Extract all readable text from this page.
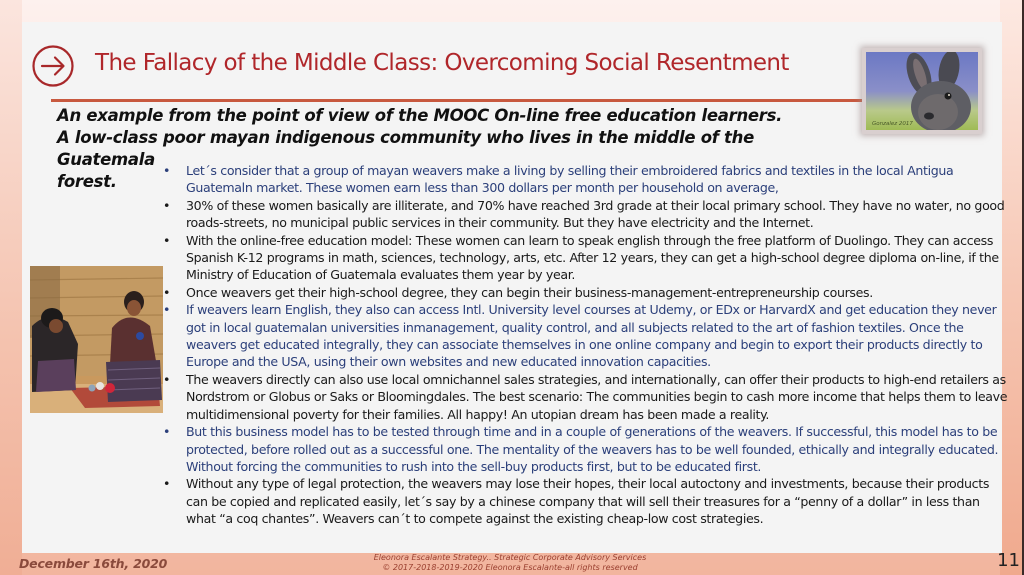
The Fallacy of the Middle Class: Overcoming Social Resentment
Gonzalez 2017
An example from the point of view of the MOOC On-line free education learners.
A low-class poor mayan indigenous community who lives in the middle of the Guatemala
forest.
• Let´s consider that a group of mayan weavers make a living by selling their embroidered fabrics and textiles in the local Antigua Guatemaln market. These women earn less than 300 dollars per month per household on average,
• 30% of these women basically are illiterate, and 70% have reached 3rd grade at their local primary school. They have no water, no good roads-streets, no municipal public services in their community. But they have electricity and the Internet.
• With the online-free education model: These women can learn to speak english through the free platform of Duolingo. They can access Spanish K-12 programs in math, sciences, technology, arts, etc. After 12 years, they can get a high-school degree diploma on-line, if the Ministry of Education of Guatemala evaluates them year by year.
• Once weavers get their high-school degree, they can begin their business-management-entrepreneurship courses.
• If weavers learn English, they also can access Intl. University level courses at Udemy, or EDx or HarvardX and get education they never got in local guatemalan universities inmanagement, quality control, and all subjects related to the art of fashion textiles. Once the weavers get educated integrally, they can associate themselves in one online company and begin to export their products directly to Europe and the USA, using their own websites and new educated innovation capacities.
• The weavers directly can also use local omnichannel sales strategies, and internationally, can offer their products to high-end retailers as Nordstrom or Globus or Saks or Bloomingdales. The best scenario: The communities begin to cash more income that helps them to leave multidimensional poverty for their families. All happy! An utopian dream has been made a reality.
• But this business model has to be tested through time and in a couple of generations of the weavers. If successful, this model has to be protected, before rolled out as a successful one. The mentality of the weavers has to be well founded, ethically and integrally educated. Without forcing the communities to rush into the sell-buy products first, but to be educated first.
• Without any type of legal protection, the weavers may lose their hopes, their local autoctony and investments, because their products can be copied and replicated easily, let´s say by a chinese company that will sell their treasures for a “penny of a dollar” in less than what “a coq chantes”. Weavers can´t to compete against the existing cheap-low cost strategies.
December 16th, 2020	Eleonora Escalante Strategy.. Strategic Corporate Advisory Services
© 2017-2018-2019-2020 Eleonora Escalante-all rights reserved	11
